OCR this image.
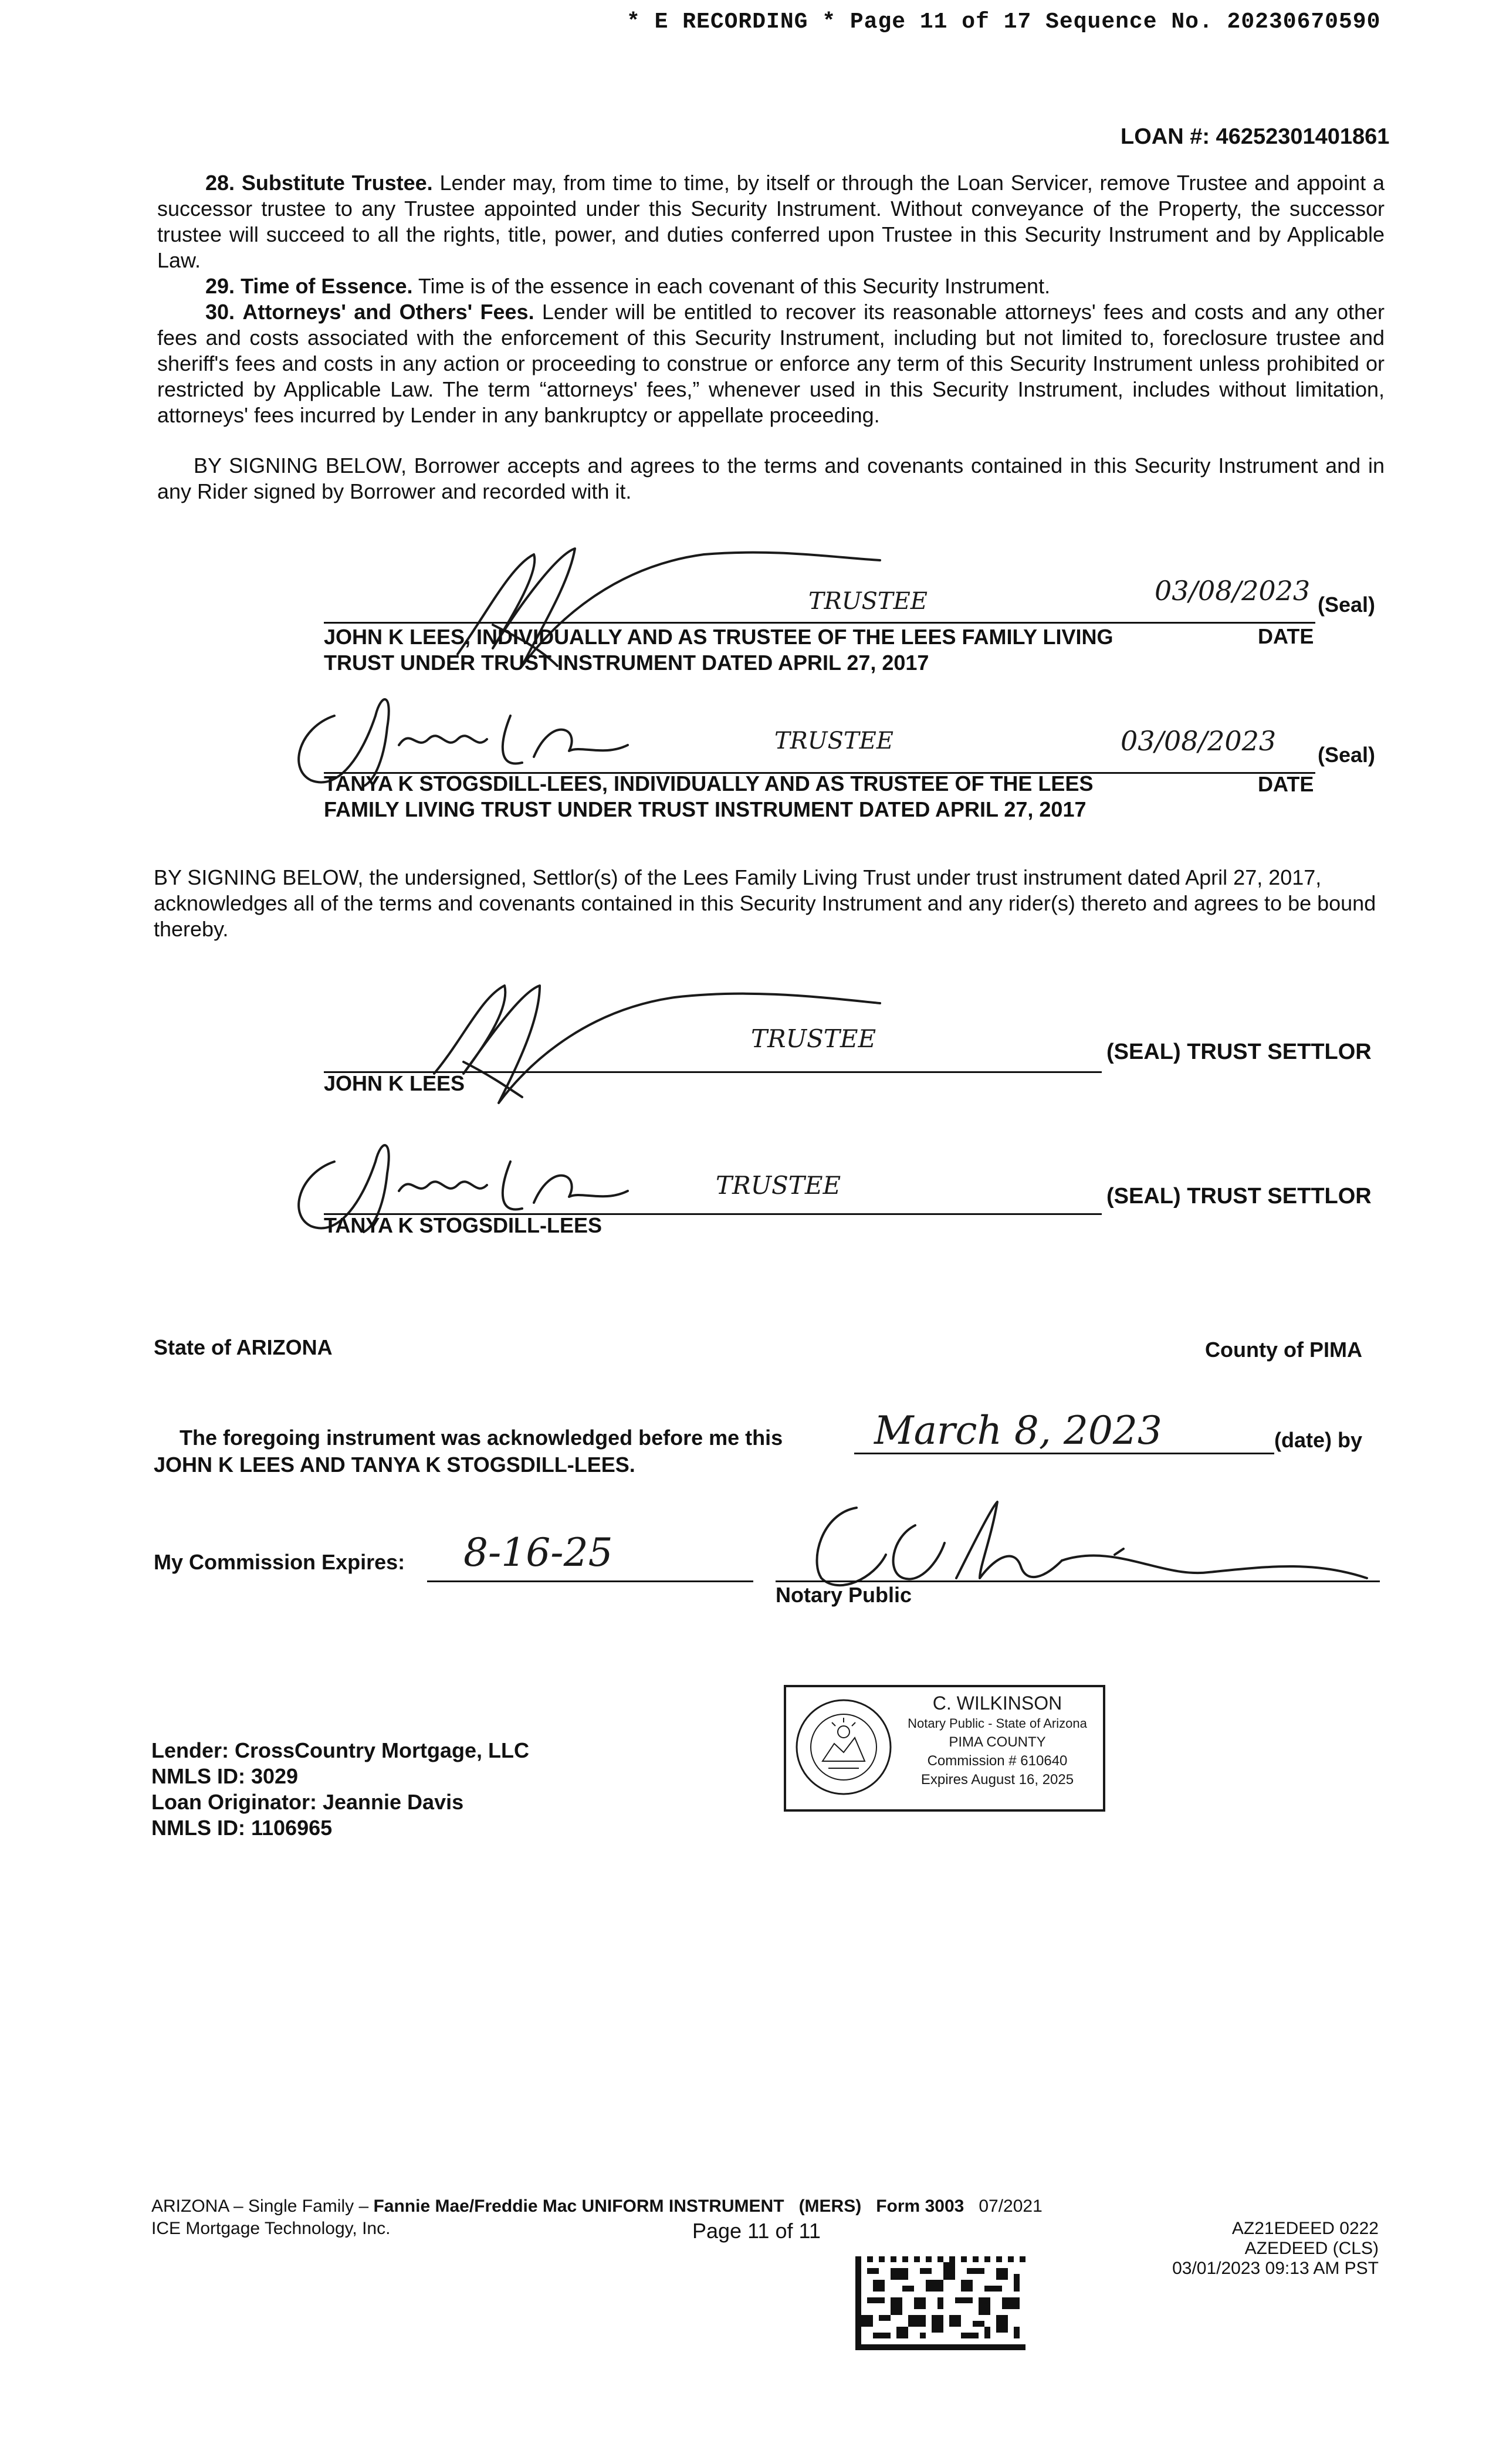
* E RECORDING * Page 11 of 17 Sequence No. 20230670590
LOAN #: 46252301401861

28. Substitute Trustee. Lender may, from time to time, by itself or through the Loan Servicer, remove Trustee and appoint a successor trustee to any Trustee appointed under this Security Instrument. Without conveyance of the Property, the successor trustee will succeed to all the rights, title, power, and duties conferred upon Trustee in this Security Instrument and by Applicable Law.

29. Time of Essence. Time is of the essence in each covenant of this Security Instrument.

30. Attorneys' and Others' Fees. Lender will be entitled to recover its reasonable attorneys' fees and costs and any other fees and costs associated with the enforcement of this Security Instrument, including but not limited to, foreclosure trustee and sheriff's fees and costs in any action or proceeding to construe or enforce any term of this Security Instrument unless prohibited or restricted by Applicable Law. The term “attorneys' fees,” whenever used in this Security Instrument, includes without limitation, attorneys' fees incurred by Lender in any bankruptcy or appellate proceeding.

BY SIGNING BELOW, Borrower accepts and agrees to the terms and covenants contained in this Security Instrument and in any Rider signed by Borrower and recorded with it.
TRUSTEE	03/08/2023 (Seal)
JOHN K LEES, INDIVIDUALLY AND AS TRUSTEE OF THE LEES FAMILY LIVING
TRUST UNDER TRUST INSTRUMENT DATED APRIL 27, 2017
DATE
TRUSTEE	03/08/2023 (Seal)
TANYA K STOGSDILL-LEES, INDIVIDUALLY AND AS TRUSTEE OF THE LEES
FAMILY LIVING TRUST UNDER TRUST INSTRUMENT DATED APRIL 27, 2017
DATE
BY SIGNING BELOW, the undersigned, Settlor(s) of the Lees Family Living Trust under trust instrument dated April 27, 2017, acknowledges all of the terms and covenants contained in this Security Instrument and any rider(s) thereto and agrees to be bound thereby.
TRUSTEE	(SEAL) TRUST SETTLOR
JOHN K LEES
TRUSTEE	(SEAL) TRUST SETTLOR
TANYA K STOGSDILL-LEES
State of ARIZONA	County of PIMA
The foregoing instrument was acknowledged before me this March 8, 2023	(date) by
JOHN K LEES AND TANYA K STOGSDILL-LEES.
My Commission Expires: 8-16-25
Notary Public
C. WILKINSON
Notary Public - State of Arizona
PIMA COUNTY
Commission # 610640
Expires August 16, 2025
Lender: CrossCountry Mortgage, LLC
NMLS ID: 3029
Loan Originator: Jeannie Davis
NMLS ID: 1106965
ARIZONA – Single Family – Fannie Mae/Freddie Mac UNIFORM INSTRUMENT (MERS) Form 3003 07/2021
ICE Mortgage Technology, Inc.	Page 11 of 11	AZ21EDEED 0222
AZEDEED (CLS)
03/01/2023 09:13 AM PST
